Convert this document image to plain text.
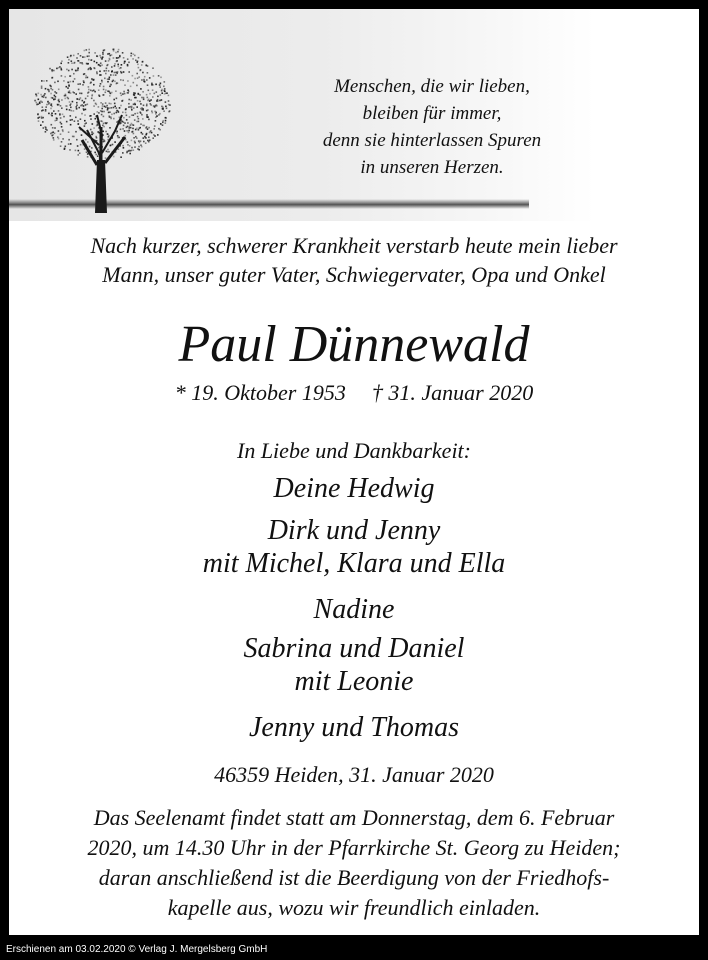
Menschen, die wir lieben,
bleiben für immer,
denn sie hinterlassen Spuren
in unseren Herzen.
Nach kurzer, schwerer Krankheit verstarb heute mein lieber
Mann, unser guter Vater, Schwiegervater, Opa und Onkel
Paul Dünnewald
* 19. Oktober 1953 † 31. Januar 2020
In Liebe und Dankbarkeit:
Deine Hedwig
Dirk und Jenny
mit Michel, Klara und Ella
Nadine
Sabrina und Daniel
mit Leonie
Jenny und Thomas
46359 Heiden, 31. Januar 2020
Das Seelenamt findet statt am Donnerstag, dem 6. Februar
2020, um 14.30 Uhr in der Pfarrkirche St. Georg zu Heiden;
daran anschließend ist die Beerdigung von der Friedhofs-
kapelle aus, wozu wir freundlich einladen.
Erschienen am 03.02.2020 © Verlag J. Mergelsberg GmbH
